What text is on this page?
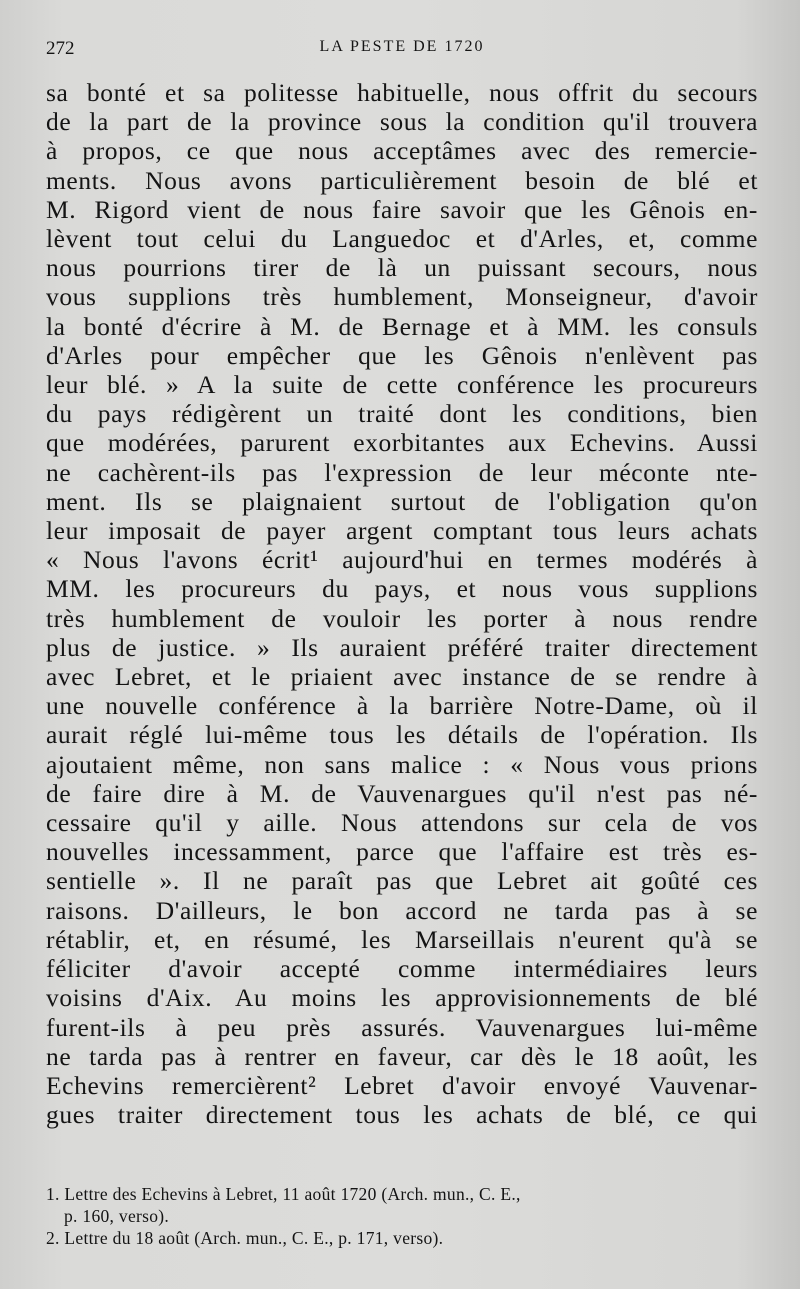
272	LA PESTE DE 1720
sa bonté et sa politesse habituelle, nous offrit du secours
de la part de la province sous la condition qu'il trouvera
à propos, ce que nous acceptâmes avec des remercie-
ments. Nous avons particulièrement besoin de blé et
M. Rigord vient de nous faire savoir que les Gênois en-
lèvent tout celui du Languedoc et d'Arles, et, comme
nous pourrions tirer de là un puissant secours, nous
vous supplions très humblement, Monseigneur, d'avoir
la bonté d'écrire à M. de Bernage et à MM. les consuls
d'Arles pour empêcher que les Gênois n'enlèvent pas
leur blé. » A la suite de cette conférence les procureurs
du pays rédigèrent un traité dont les conditions, bien
que modérées, parurent exorbitantes aux Echevins. Aussi
ne cachèrent-ils pas l'expression de leur méconte nte-
ment. Ils se plaignaient surtout de l'obligation qu'on
leur imposait de payer argent comptant tous leurs achats
« Nous l'avons écrit¹ aujourd'hui en termes modérés à
MM. les procureurs du pays, et nous vous supplions
très humblement de vouloir les porter à nous rendre
plus de justice. » Ils auraient préféré traiter directement
avec Lebret, et le priaient avec instance de se rendre à
une nouvelle conférence à la barrière Notre-Dame, où il
aurait réglé lui-même tous les détails de l'opération. Ils
ajoutaient même, non sans malice : « Nous vous prions
de faire dire à M. de Vauvenargues qu'il n'est pas né-
cessaire qu'il y aille. Nous attendons sur cela de vos
nouvelles incessamment, parce que l'affaire est très es-
sentielle ». Il ne paraît pas que Lebret ait goûté ces
raisons. D'ailleurs, le bon accord ne tarda pas à se
rétablir, et, en résumé, les Marseillais n'eurent qu'à se
féliciter d'avoir accepté comme intermédiaires leurs
voisins d'Aix. Au moins les approvisionnements de blé
furent-ils à peu près assurés. Vauvenargues lui-même
ne tarda pas à rentrer en faveur, car dès le 18 août, les
Echevins remercièrent² Lebret d'avoir envoyé Vauvenar-
gues traiter directement tous les achats de blé, ce qui
1. Lettre des Echevins à Lebret, 11 août 1720 (Arch. mun., C. E.,
p. 160, verso).
2. Lettre du 18 août (Arch. mun., C. E., p. 171, verso).
